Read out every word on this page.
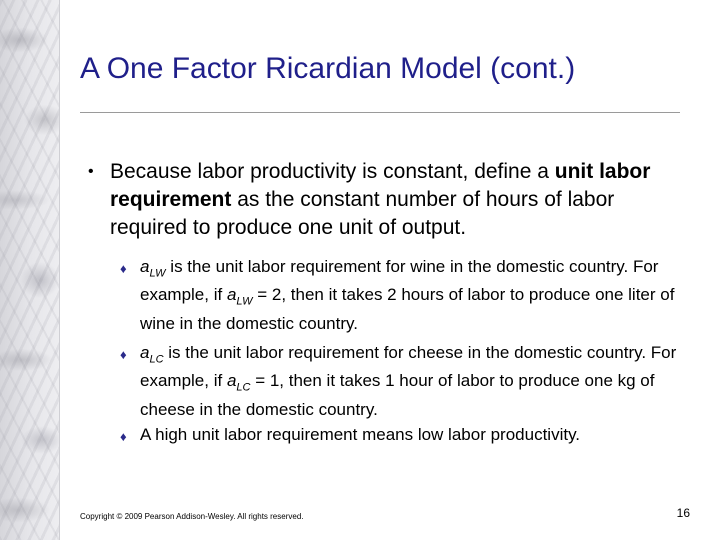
A One Factor Ricardian Model (cont.)
• Because labor productivity is constant, define a unit labor requirement as the constant number of hours of labor required to produce one unit of output.
♦ $a_{LW}$ is the unit labor requirement for wine in the domestic country. For example, if $a_{LW} = 2$, then it takes 2 hours of labor to produce one liter of wine in the domestic country.
♦ $a_{LC}$ is the unit labor requirement for cheese in the domestic country. For example, if $a_{LC} = 1$, then it takes 1 hour of labor to produce one kg of cheese in the domestic country.
♦ A high unit labor requirement means low labor productivity.
Copyright © 2009 Pearson Addison-Wesley. All rights reserved.	16
